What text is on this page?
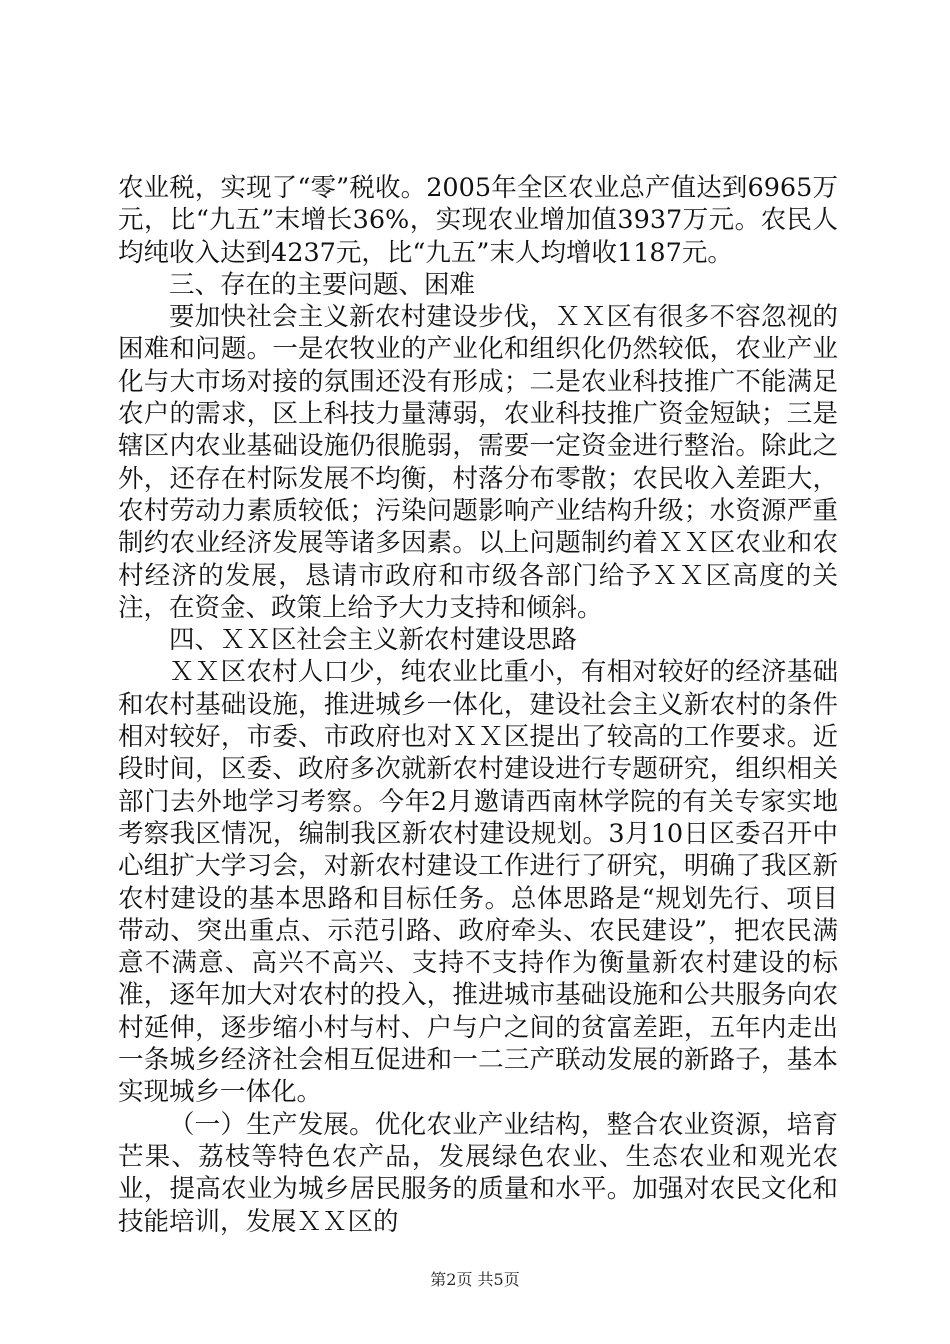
农业税，实现了“零”税收。2005年全区农业总产值达到6965万元，比“九五”末增长36%，实现农业增加值3937万元。农民人均纯收入达到4237元，比“九五”末人均增收1187元。

三、存在的主要问题、困难

要加快社会主义新农村建设步伐，ＸＸ区有很多不容忽视的困难和问题。一是农牧业的产业化和组织化仍然较低，农业产业化与大市场对接的氛围还没有形成；二是农业科技推广不能满足农户的需求，区上科技力量薄弱，农业科技推广资金短缺；三是辖区内农业基础设施仍很脆弱，需要一定资金进行整治。除此之外，还存在村际发展不均衡，村落分布零散；农民收入差距大，农村劳动力素质较低；污染问题影响产业结构升级；水资源严重制约农业经济发展等诸多因素。以上问题制约着ＸＸ区农业和农村经济的发展，恳请市政府和市级各部门给予ＸＸ区高度的关注，在资金、政策上给予大力支持和倾斜。

四、ＸＸ区社会主义新农村建设思路

ＸＸ区农村人口少，纯农业比重小，有相对较好的经济基础和农村基础设施，推进城乡一体化，建设社会主义新农村的条件相对较好，市委、市政府也对ＸＸ区提出了较高的工作要求。近段时间，区委、政府多次就新农村建设进行专题研究，组织相关部门去外地学习考察。今年2月邀请西南林学院的有关专家实地考察我区情况，编制我区新农村建设规划。3月10日区委召开中心组扩大学习会，对新农村建设工作进行了研究，明确了我区新农村建设的基本思路和目标任务。总体思路是“规划先行、项目带动、突出重点、示范引路、政府牵头、农民建设”，把农民满意不满意、高兴不高兴、支持不支持作为衡量新农村建设的标准，逐年加大对农村的投入，推进城市基础设施和公共服务向农村延伸，逐步缩小村与村、户与户之间的贫富差距，五年内走出一条城乡经济社会相互促进和一二三产联动发展的新路子，基本实现城乡一体化。

（一）生产发展。优化农业产业结构，整合农业资源，培育芒果、荔枝等特色农产品，发展绿色农业、生态农业和观光农业，提高农业为城乡居民服务的质量和水平。加强对农民文化和技能培训，发展ＸＸ区的

第2页 共5页
